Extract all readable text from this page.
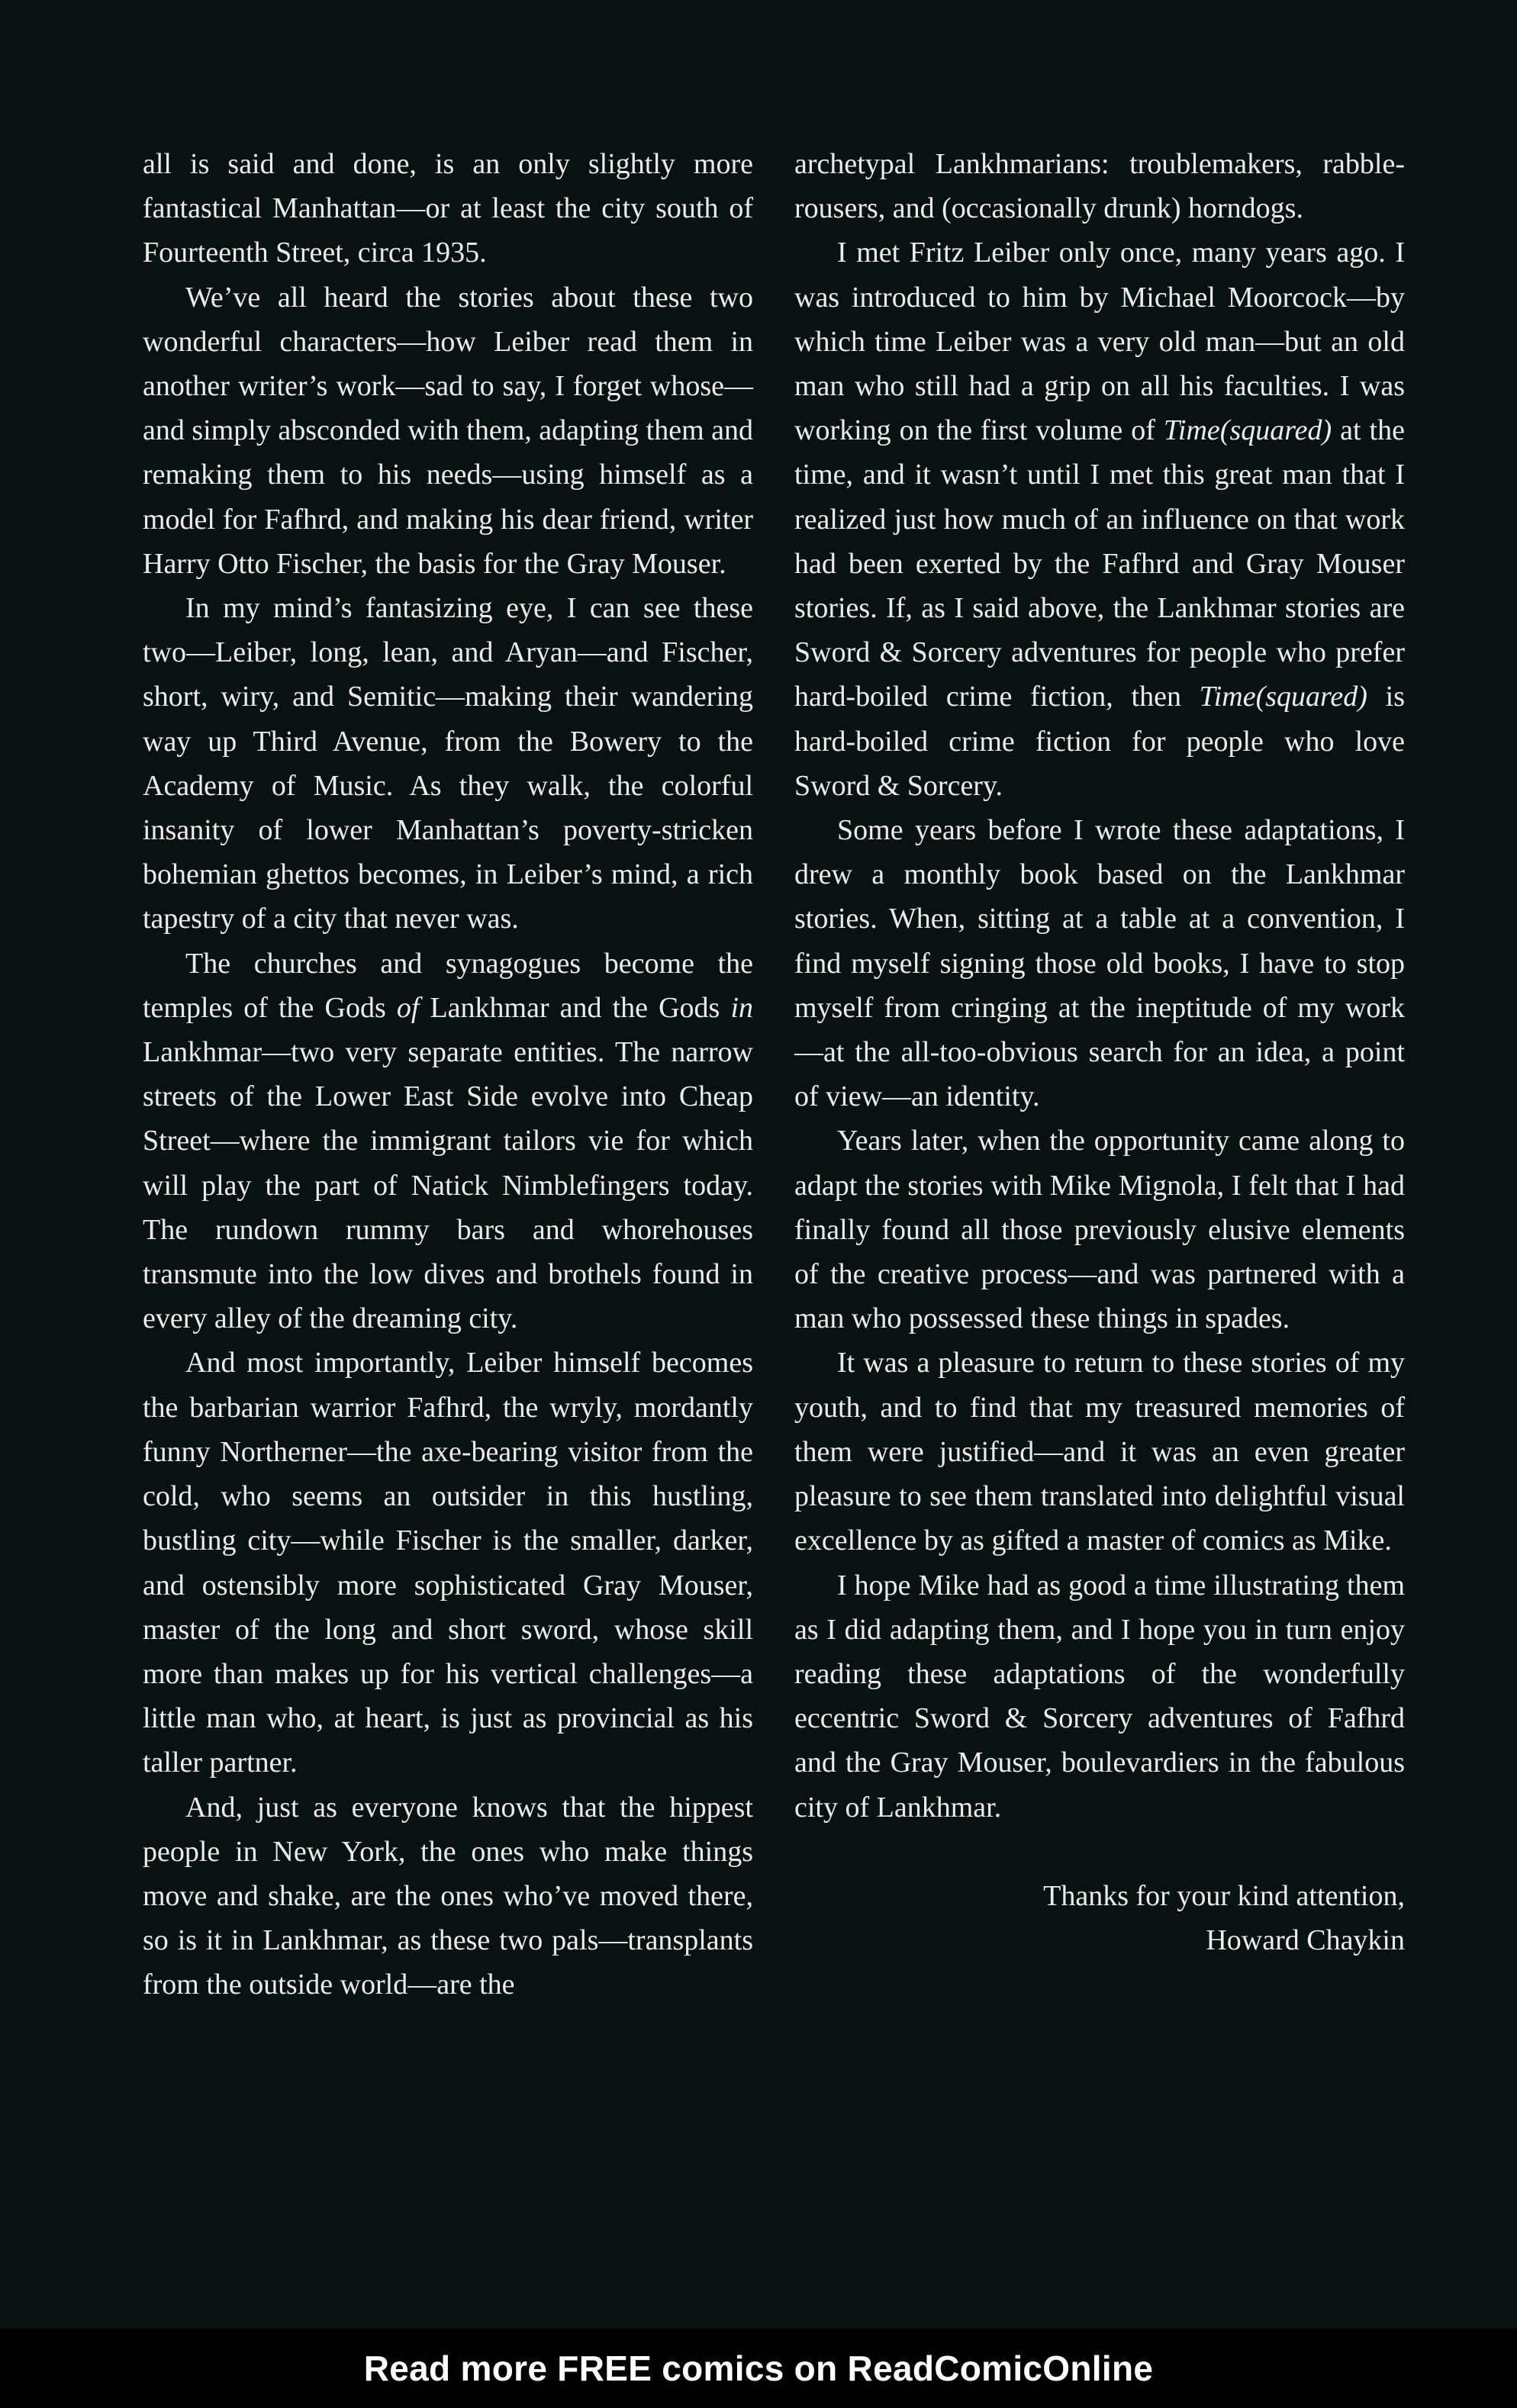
all is said and done, is an only slightly more fantastical Manhattan—or at least the city south of Fourteenth Street, circa 1935.

We’ve all heard the stories about these two wonderful characters—how Leiber read them in another writer’s work—sad to say, I forget whose—and simply absconded with them, adapting them and remaking them to his needs—using himself as a model for Fafhrd, and making his dear friend, writer Harry Otto Fischer, the basis for the Gray Mouser.

In my mind’s fantasizing eye, I can see these two—Leiber, long, lean, and Aryan—and Fischer, short, wiry, and Semitic—making their wandering way up Third Avenue, from the Bowery to the Academy of Music. As they walk, the colorful insanity of lower Manhattan’s poverty-stricken bohemian ghettos becomes, in Leiber’s mind, a rich tapestry of a city that never was.

The churches and synagogues become the temples of the Gods of Lankhmar and the Gods in Lankhmar—two very separate entities. The narrow streets of the Lower East Side evolve into Cheap Street—where the immigrant tailors vie for which will play the part of Natick Nimblefingers today. The rundown rummy bars and whorehouses transmute into the low dives and brothels found in every alley of the dreaming city.

And most importantly, Leiber himself becomes the barbarian warrior Fafhrd, the wryly, mordantly funny Northerner—the axe-bearing visitor from the cold, who seems an outsider in this hustling, bustling city—while Fischer is the smaller, darker, and ostensibly more sophisticated Gray Mouser, master of the long and short sword, whose skill more than makes up for his vertical challenges—a little man who, at heart, is just as provincial as his taller partner.

And, just as everyone knows that the hippest people in New York, the ones who make things move and shake, are the ones who’ve moved there, so is it in Lankhmar, as these two pals—transplants from the outside world—are the

archetypal Lankhmarians: troublemakers, rabble-rousers, and (occasionally drunk) horndogs.

I met Fritz Leiber only once, many years ago. I was introduced to him by Michael Moorcock—by which time Leiber was a very old man—but an old man who still had a grip on all his faculties. I was working on the first volume of Time(squared) at the time, and it wasn’t until I met this great man that I realized just how much of an influence on that work had been exerted by the Fafhrd and Gray Mouser stories. If, as I said above, the Lankhmar stories are Sword & Sorcery adventures for people who prefer hard-boiled crime fiction, then Time(squared) is hard-boiled crime fiction for people who love Sword & Sorcery.

Some years before I wrote these adaptations, I drew a monthly book based on the Lankhmar stories. When, sitting at a table at a convention, I find myself signing those old books, I have to stop myself from cringing at the ineptitude of my work—at the all-too-obvious search for an idea, a point of view—an identity.

Years later, when the opportunity came along to adapt the stories with Mike Mignola, I felt that I had finally found all those previously elusive elements of the creative process—and was partnered with a man who possessed these things in spades.

It was a pleasure to return to these stories of my youth, and to find that my treasured memories of them were justified—and it was an even greater pleasure to see them translated into delightful visual excellence by as gifted a master of comics as Mike.

I hope Mike had as good a time illustrating them as I did adapting them, and I hope you in turn enjoy reading these adaptations of the wonderfully eccentric Sword & Sorcery adventures of Fafhrd and the Gray Mouser, boulevardiers in the fabulous city of Lankhmar.

Thanks for your kind attention,
Howard Chaykin
Read more FREE comics on ReadComicOnline
